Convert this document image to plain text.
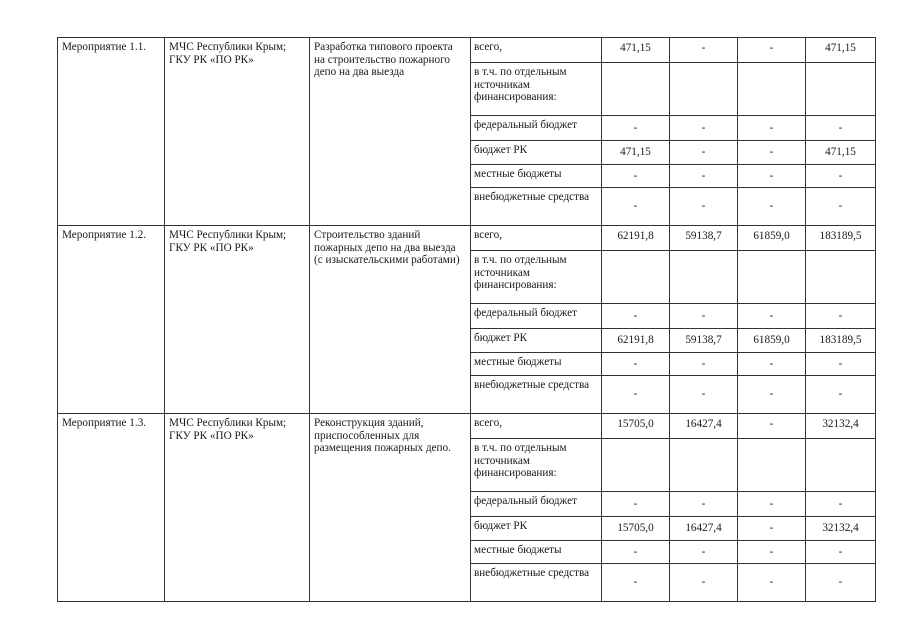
Мероприятие 1.1.	МЧС Республики Крым; ГКУ РК «ПО РК»	Разработка типового проекта на строительство пожарного депо на два выезда	всего,	471,15	-	-	471,15
			в т.ч. по отдельным источникам финансирования:				
			федеральный бюджет	-	-	-	-
			бюджет РК	471,15	-	-	471,15
			местные бюджеты	-	-	-	-
			внебюджетные средства	-	-	-	-
Мероприятие 1.2.	МЧС Республики Крым; ГКУ РК «ПО РК»	Строительство зданий пожарных депо на два выезда (с изыскательскими работами)	всего,	62191,8	59138,7	61859,0	183189,5
			в т.ч. по отдельным источникам финансирования:				
			федеральный бюджет	-	-	-	-
			бюджет РК	62191,8	59138,7	61859,0	183189,5
			местные бюджеты	-	-	-	-
			внебюджетные средства	-	-	-	-
Мероприятие 1.3.	МЧС Республики Крым; ГКУ РК «ПО РК»	Реконструкция зданий, приспособленных для размещения пожарных депо.	всего,	15705,0	16427,4	-	32132,4
			в т.ч. по отдельным источникам финансирования:				
			федеральный бюджет	-	-	-	-
			бюджет РК	15705,0	16427,4	-	32132,4
			местные бюджеты	-	-	-	-
			внебюджетные средства	-	-	-	-
